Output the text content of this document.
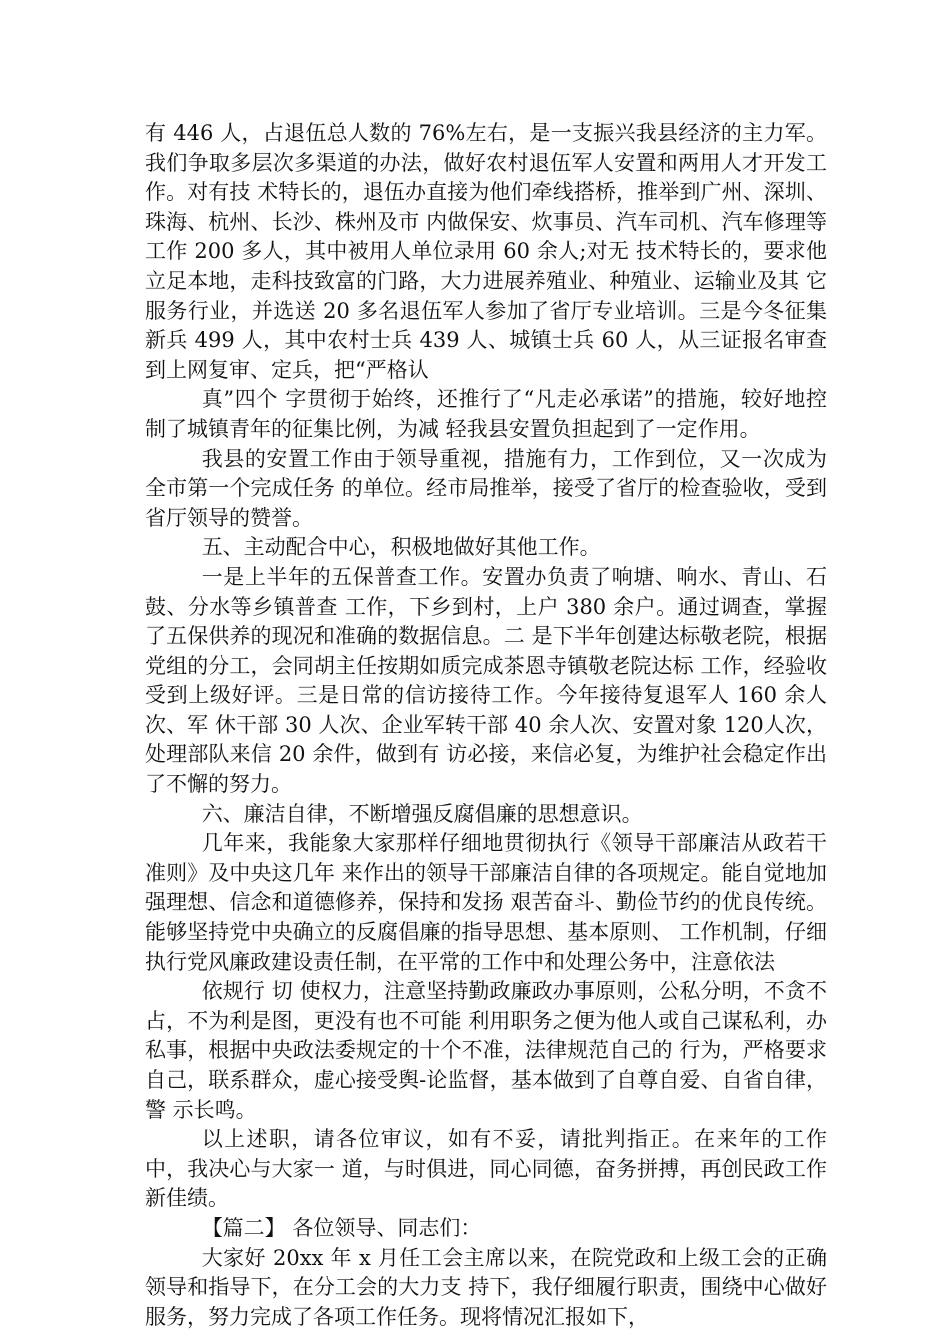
有 446 人，占退伍总人数的 76%左右，是一支振兴我县经济的主力军。我们争取多层次多渠道的办法，做好农村退伍军人安置和两用人才开发工作。对有技 术特长的，退伍办直接为他们牵线搭桥，推举到广州、深圳、珠海、杭州、长沙、株州及市 内做保安、炊事员、汽车司机、汽车修理等工作 200 多人，其中被用人单位录用 60 余人;对无 技术特长的，要求他立足本地，走科技致富的门路，大力进展养殖业、种殖业、运输业及其 它服务行业，并选送 20 多名退伍军人参加了省厅专业培训。三是今冬征集新兵 499 人，其中农村士兵 439 人、城镇士兵 60 人，从三证报名审查到上网复审、定兵，把“严格认

真”四个 字贯彻于始终，还推行了“凡走必承诺”的措施，较好地控制了城镇青年的征集比例，为减 轻我县安置负担起到了一定作用。

我县的安置工作由于领导重视，措施有力，工作到位，又一次成为全市第一个完成任务 的单位。经市局推举，接受了省厅的检查验收，受到省厅领导的赞誉。

五、主动配合中心，积极地做好其他工作。

一是上半年的五保普查工作。安置办负责了响塘、响水、青山、石鼓、分水等乡镇普查 工作，下乡到村，上户 380 余户。通过调查，掌握了五保供养的现况和准确的数据信息。二 是下半年创建达标敬老院，根据党组的分工，会同胡主任按期如质完成茶恩寺镇敬老院达标 工作，经验收受到上级好评。三是日常的信访接待工作。今年接待复退军人 160 余人次、军 休干部 30 人次、企业军转干部 40 余人次、安置对象 120人次，处理部队来信 20 余件，做到有 访必接，来信必复，为维护社会稳定作出了不懈的努力。

六、廉洁自律，不断增强反腐倡廉的思想意识。

几年来，我能象大家那样仔细地贯彻执行《领导干部廉洁从政若干准则》及中央这几年 来作出的领导干部廉洁自律的各项规定。能自觉地加强理想、信念和道德修养，保持和发扬 艰苦奋斗、勤俭节约的优良传统。能够坚持党中央确立的反腐倡廉的指导思想、基本原则、 工作机制，仔细执行党风廉政建设责任制，在平常的工作中和处理公务中，注意依法

依规行 切 使权力，注意坚持勤政廉政办事原则，公私分明，不贪不占，不为利是图，更没有也不可能 利用职务之便为他人或自己谋私利，办私事，根据中央政法委规定的十个不准，法律规范自己的 行为，严格要求自己，联系群众，虚心接受舆-论监督，基本做到了自尊自爱、自省自律，警 示长鸣。

以上述职，请各位审议，如有不妥，请批判指正。在来年的工作中，我决心与大家一 道，与时俱进，同心同德，奋务拼搏，再创民政工作新佳绩。

【篇二】 各位领导、同志们：

大家好 20xx 年 x 月任工会主席以来，在院党政和上级工会的正确领导和指导下，在分工会的大力支 持下，我仔细履行职责，围绕中心做好服务，努力完成了各项工作任务。现将情况汇报如下，
